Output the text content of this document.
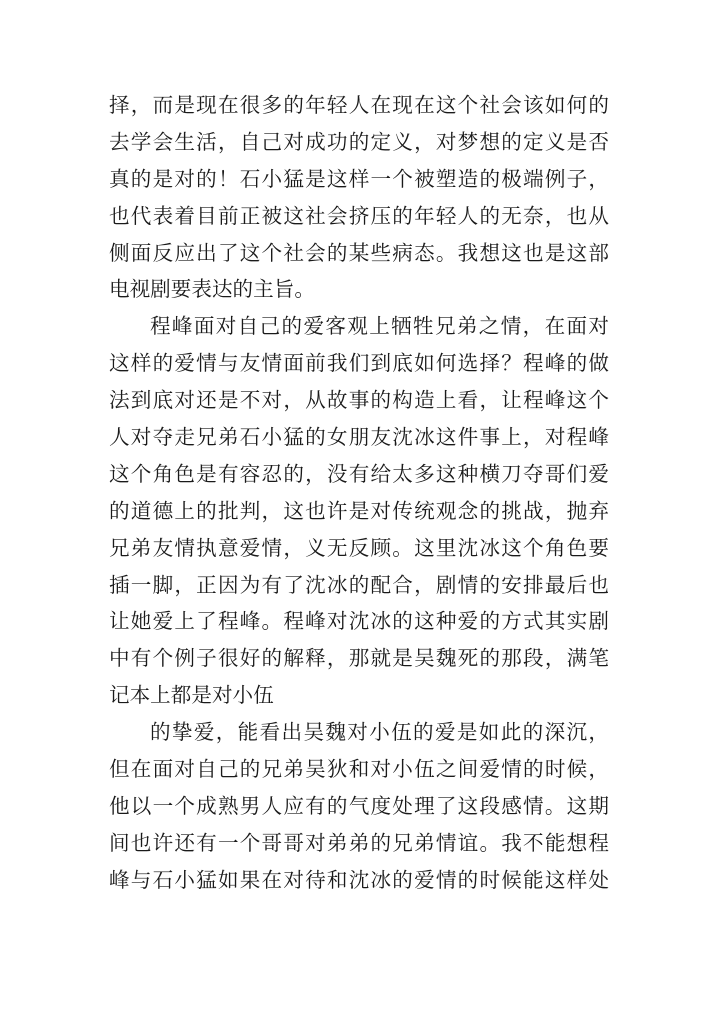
择，而是现在很多的年轻人在现在这个社会该如何的
去学会生活，自己对成功的定义，对梦想的定义是否
真的是对的！石小猛是这样一个被塑造的极端例子，
也代表着目前正被这社会挤压的年轻人的无奈，也从
侧面反应出了这个社会的某些病态。我想这也是这部
电视剧要表达的主旨。
程峰面对自己的爱客观上牺牲兄弟之情，在面对
这样的爱情与友情面前我们到底如何选择？程峰的做
法到底对还是不对，从故事的构造上看，让程峰这个
人对夺走兄弟石小猛的女朋友沈冰这件事上，对程峰
这个角色是有容忍的，没有给太多这种横刀夺哥们爱
的道德上的批判，这也许是对传统观念的挑战，抛弃
兄弟友情执意爱情，义无反顾。这里沈冰这个角色要
插一脚，正因为有了沈冰的配合，剧情的安排最后也
让她爱上了程峰。程峰对沈冰的这种爱的方式其实剧
中有个例子很好的解释，那就是吴魏死的那段，满笔
记本上都是对小伍
的挚爱，能看出吴魏对小伍的爱是如此的深沉，
但在面对自己的兄弟吴狄和对小伍之间爱情的时候，
他以一个成熟男人应有的气度处理了这段感情。这期
间也许还有一个哥哥对弟弟的兄弟情谊。我不能想程
峰与石小猛如果在对待和沈冰的爱情的时候能这样处
